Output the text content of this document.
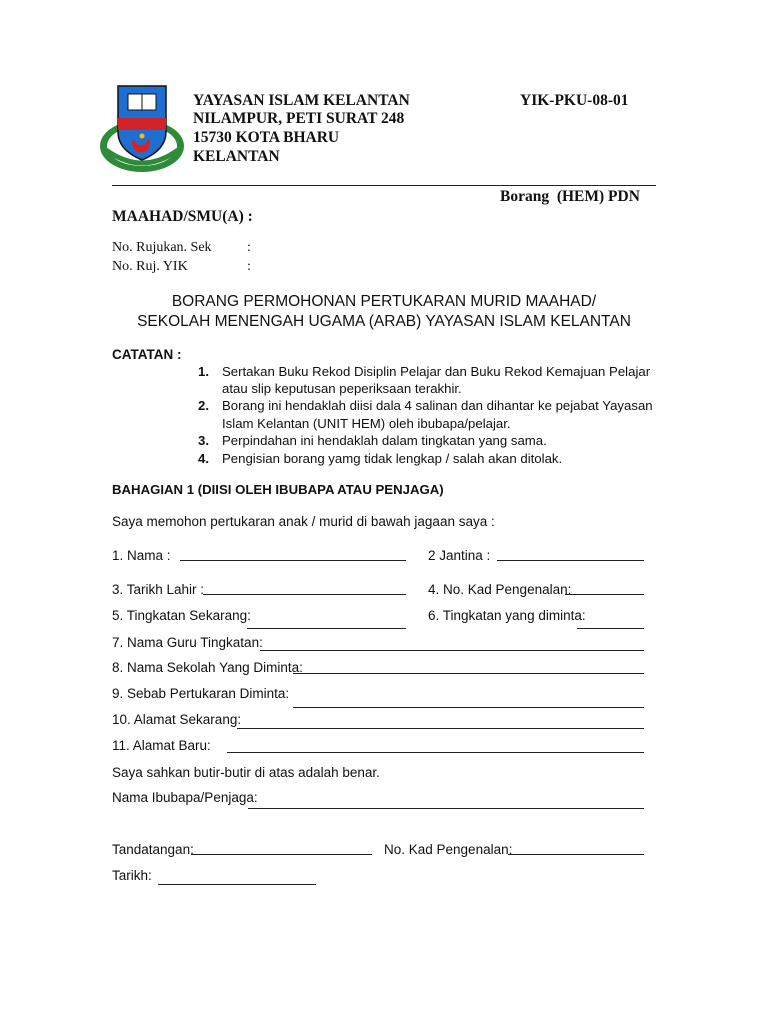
YAYASAN ISLAM KELANTAN
NILAMPUR, PETI SURAT 248
15730 KOTA BHARU
KELANTAN
YIK-PKU-08-01
Borang  (HEM) PDN
MAAHAD/SMU(A) :
No. Rujukan. Sek	:
No. Ruj. YIK	:
BORANG PERMOHONAN PERTUKARAN MURID MAAHAD/
SEKOLAH MENENGAH UGAMA (ARAB) YAYASAN ISLAM KELANTAN
CATATAN :
1. Sertakan Buku Rekod Disiplin Pelajar dan Buku Rekod Kemajuan Pelajar
atau slip keputusan peperiksaan terakhir.
2. Borang ini hendaklah diisi dala 4 salinan dan dihantar ke pejabat Yayasan
Islam Kelantan (UNIT HEM) oleh ibubapa/pelajar.
3. Perpindahan ini hendaklah dalam tingkatan yang sama.
4. Pengisian borang yamg tidak lengkap / salah akan ditolak.
BAHAGIAN 1 (DIISI OLEH IBUBAPA ATAU PENJAGA)
Saya memohon pertukaran anak / murid di bawah jagaan saya :
1. Nama :	2 Jantina :
3. Tarikh Lahir :	4. No. Kad Pengenalan:
5. Tingkatan Sekarang:	6. Tingkatan yang diminta:
7. Nama Guru Tingkatan:
8. Nama Sekolah Yang Diminta:
9. Sebab Pertukaran Diminta:
10. Alamat Sekarang:
11. Alamat Baru:
Saya sahkan butir-butir di atas adalah benar.
Nama Ibubapa/Penjaga:
Tandatangan:	No. Kad Pengenalan:
Tarikh:
